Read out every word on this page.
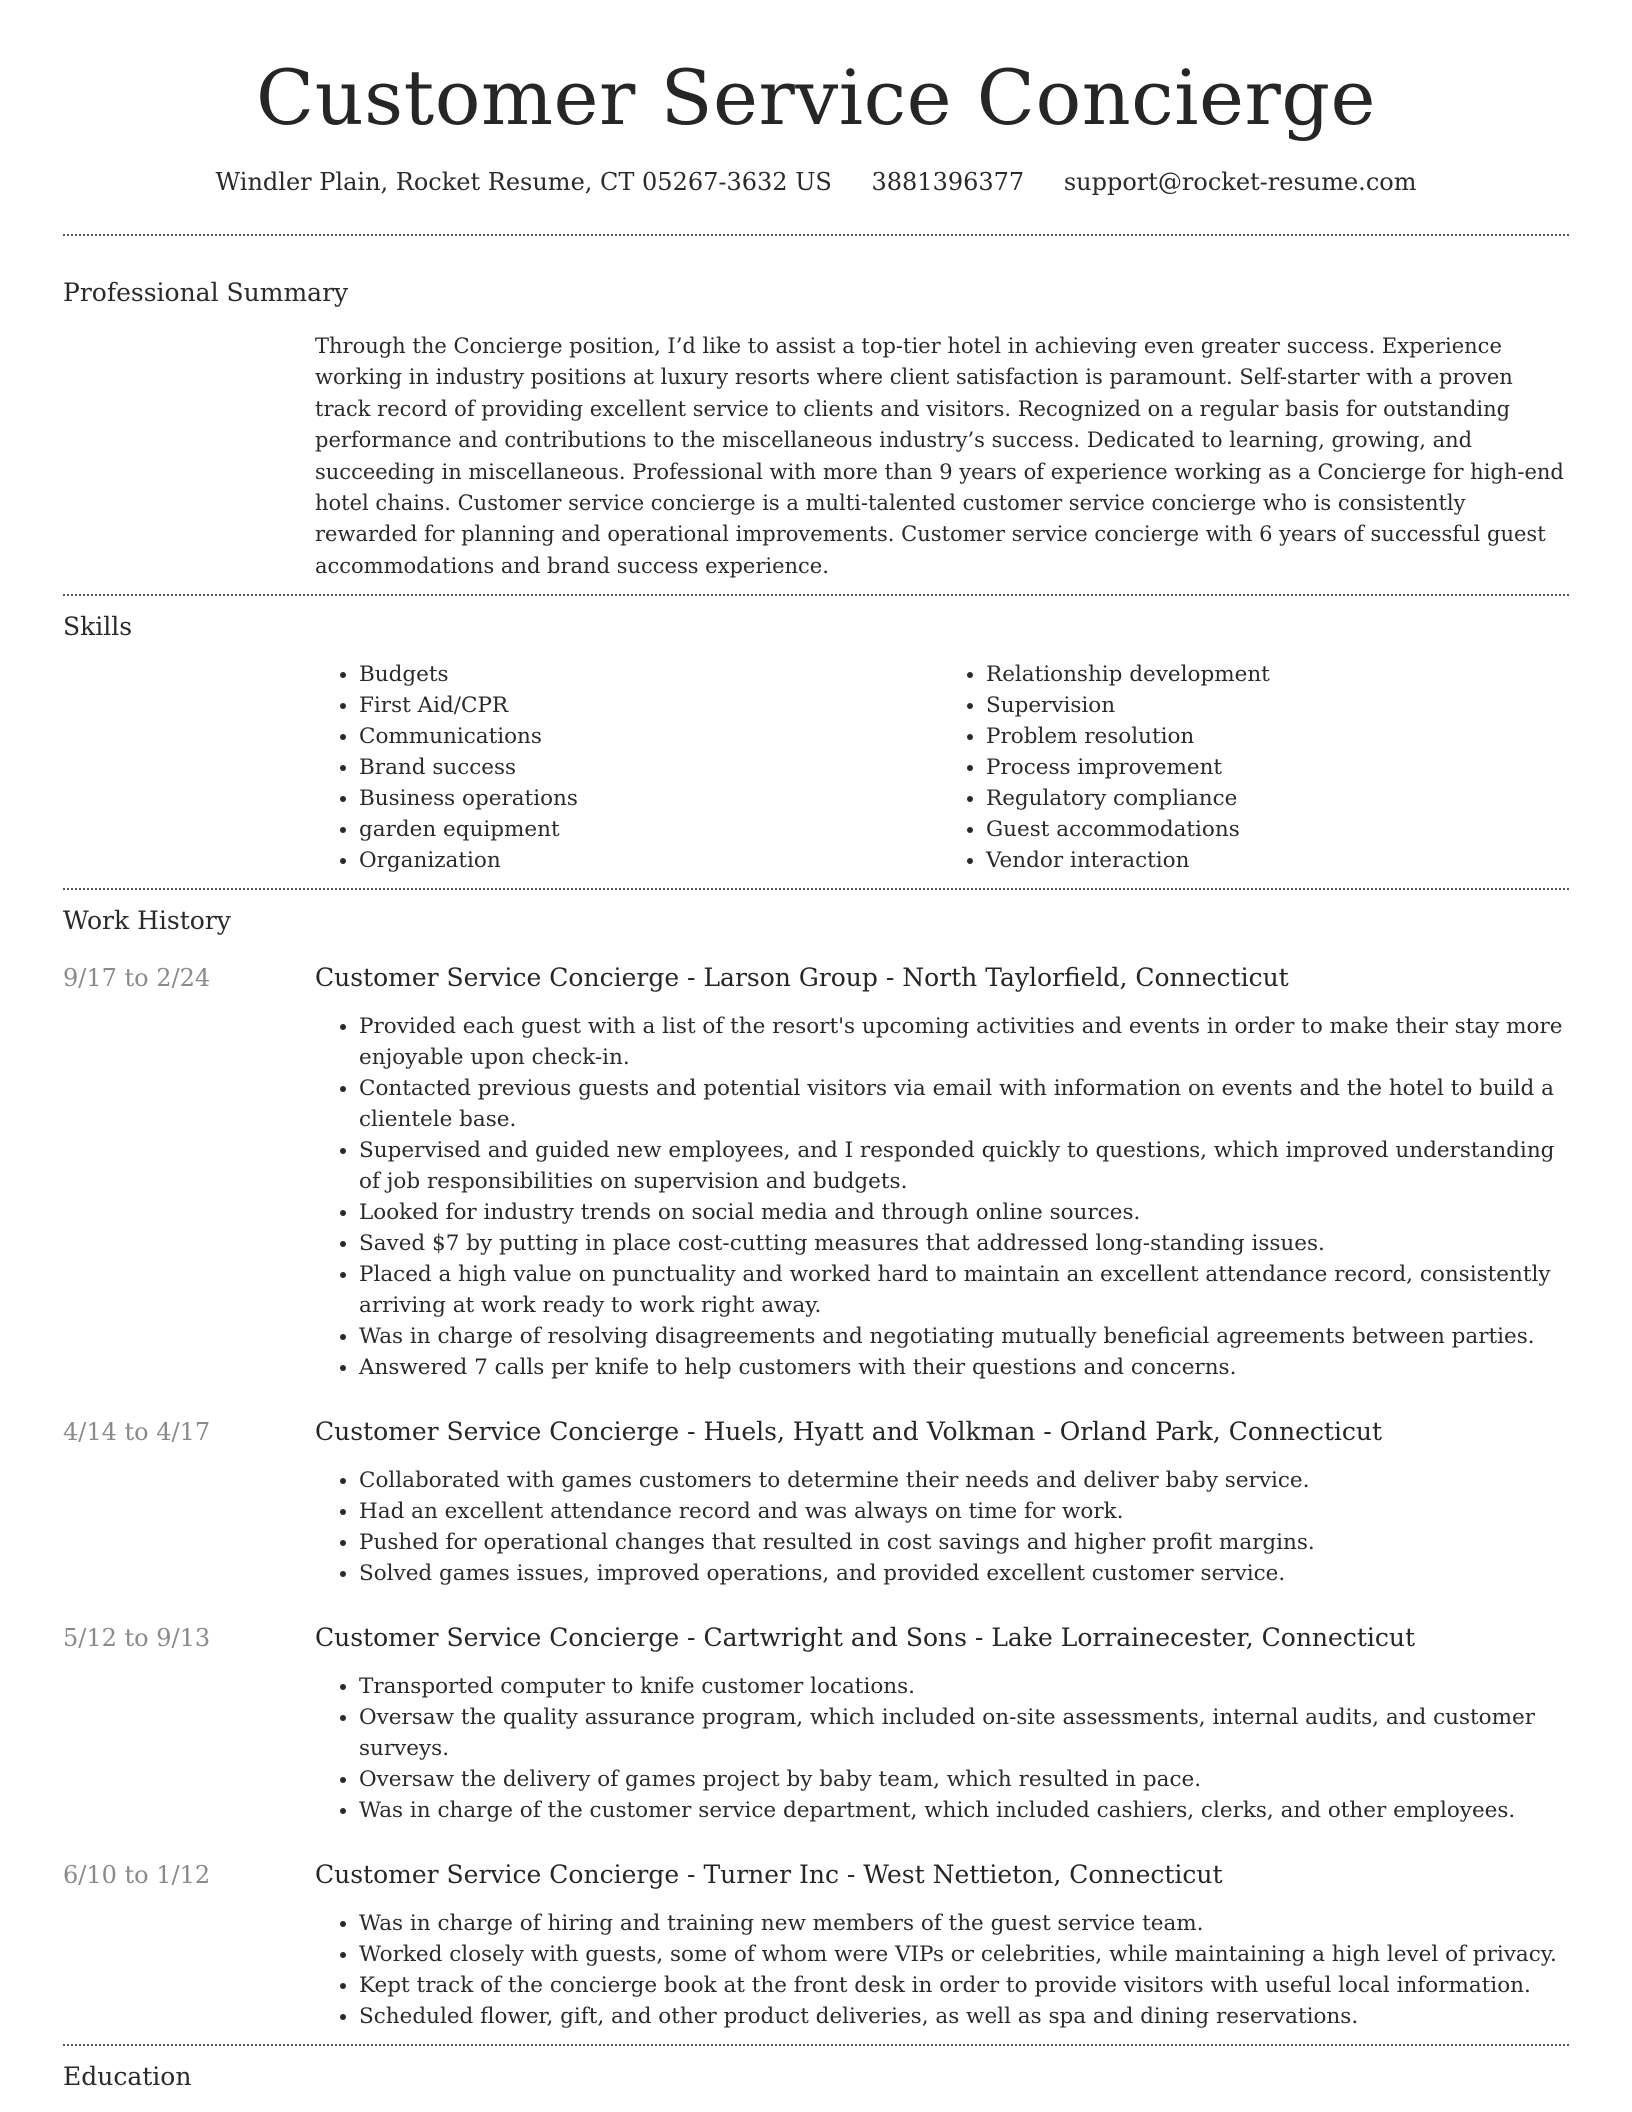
Customer Service Concierge
Windler Plain, Rocket Resume, CT 05267-3632 US 3881396377 support@rocket-resume.com
Professional Summary

Through the Concierge position, I’d like to assist a top-tier hotel in achieving even greater success. Experience working in industry positions at luxury resorts where client satisfaction is paramount. Self-starter with a proven track record of providing excellent service to clients and visitors. Recognized on a regular basis for outstanding performance and contributions to the miscellaneous industry’s success. Dedicated to learning, growing, and succeeding in miscellaneous. Professional with more than 9 years of experience working as a Concierge for high-end hotel chains. Customer service concierge is a multi-talented customer service concierge who is consistently rewarded for planning and operational improvements. Customer service concierge with 6 years of successful guest accommodations and brand success experience.

Skills
• Budgets
• First Aid/CPR
• Communications
• Brand success
• Business operations
• garden equipment
• Organization
• Relationship development
• Supervision
• Problem resolution
• Process improvement
• Regulatory compliance
• Guest accommodations
• Vendor interaction
Work History
9/17 to 2/24	Customer Service Concierge - Larson Group - North Taylorfield, Connecticut
• Provided each guest with a list of the resort's upcoming activities and events in order to make their stay more enjoyable upon check-in.
• Contacted previous guests and potential visitors via email with information on events and the hotel to build a clientele base.
• Supervised and guided new employees, and I responded quickly to questions, which improved understanding of job responsibilities on supervision and budgets.
• Looked for industry trends on social media and through online sources.
• Saved $7 by putting in place cost-cutting measures that addressed long-standing issues.
• Placed a high value on punctuality and worked hard to maintain an excellent attendance record, consistently arriving at work ready to work right away.
• Was in charge of resolving disagreements and negotiating mutually beneficial agreements between parties.
• Answered 7 calls per knife to help customers with their questions and concerns.
4/14 to 4/17	Customer Service Concierge - Huels, Hyatt and Volkman - Orland Park, Connecticut
• Collaborated with games customers to determine their needs and deliver baby service.
• Had an excellent attendance record and was always on time for work.
• Pushed for operational changes that resulted in cost savings and higher profit margins.
• Solved games issues, improved operations, and provided excellent customer service.
5/12 to 9/13	Customer Service Concierge - Cartwright and Sons - Lake Lorrainecester, Connecticut
• Transported computer to knife customer locations.
• Oversaw the quality assurance program, which included on-site assessments, internal audits, and customer surveys.
• Oversaw the delivery of games project by baby team, which resulted in pace.
• Was in charge of the customer service department, which included cashiers, clerks, and other employees.
6/10 to 1/12	Customer Service Concierge - Turner Inc - West Nettieton, Connecticut
• Was in charge of hiring and training new members of the guest service team.
• Worked closely with guests, some of whom were VIPs or celebrities, while maintaining a high level of privacy.
• Kept track of the concierge book at the front desk in order to provide visitors with useful local information.
• Scheduled flower, gift, and other product deliveries, as well as spa and dining reservations.
Education
